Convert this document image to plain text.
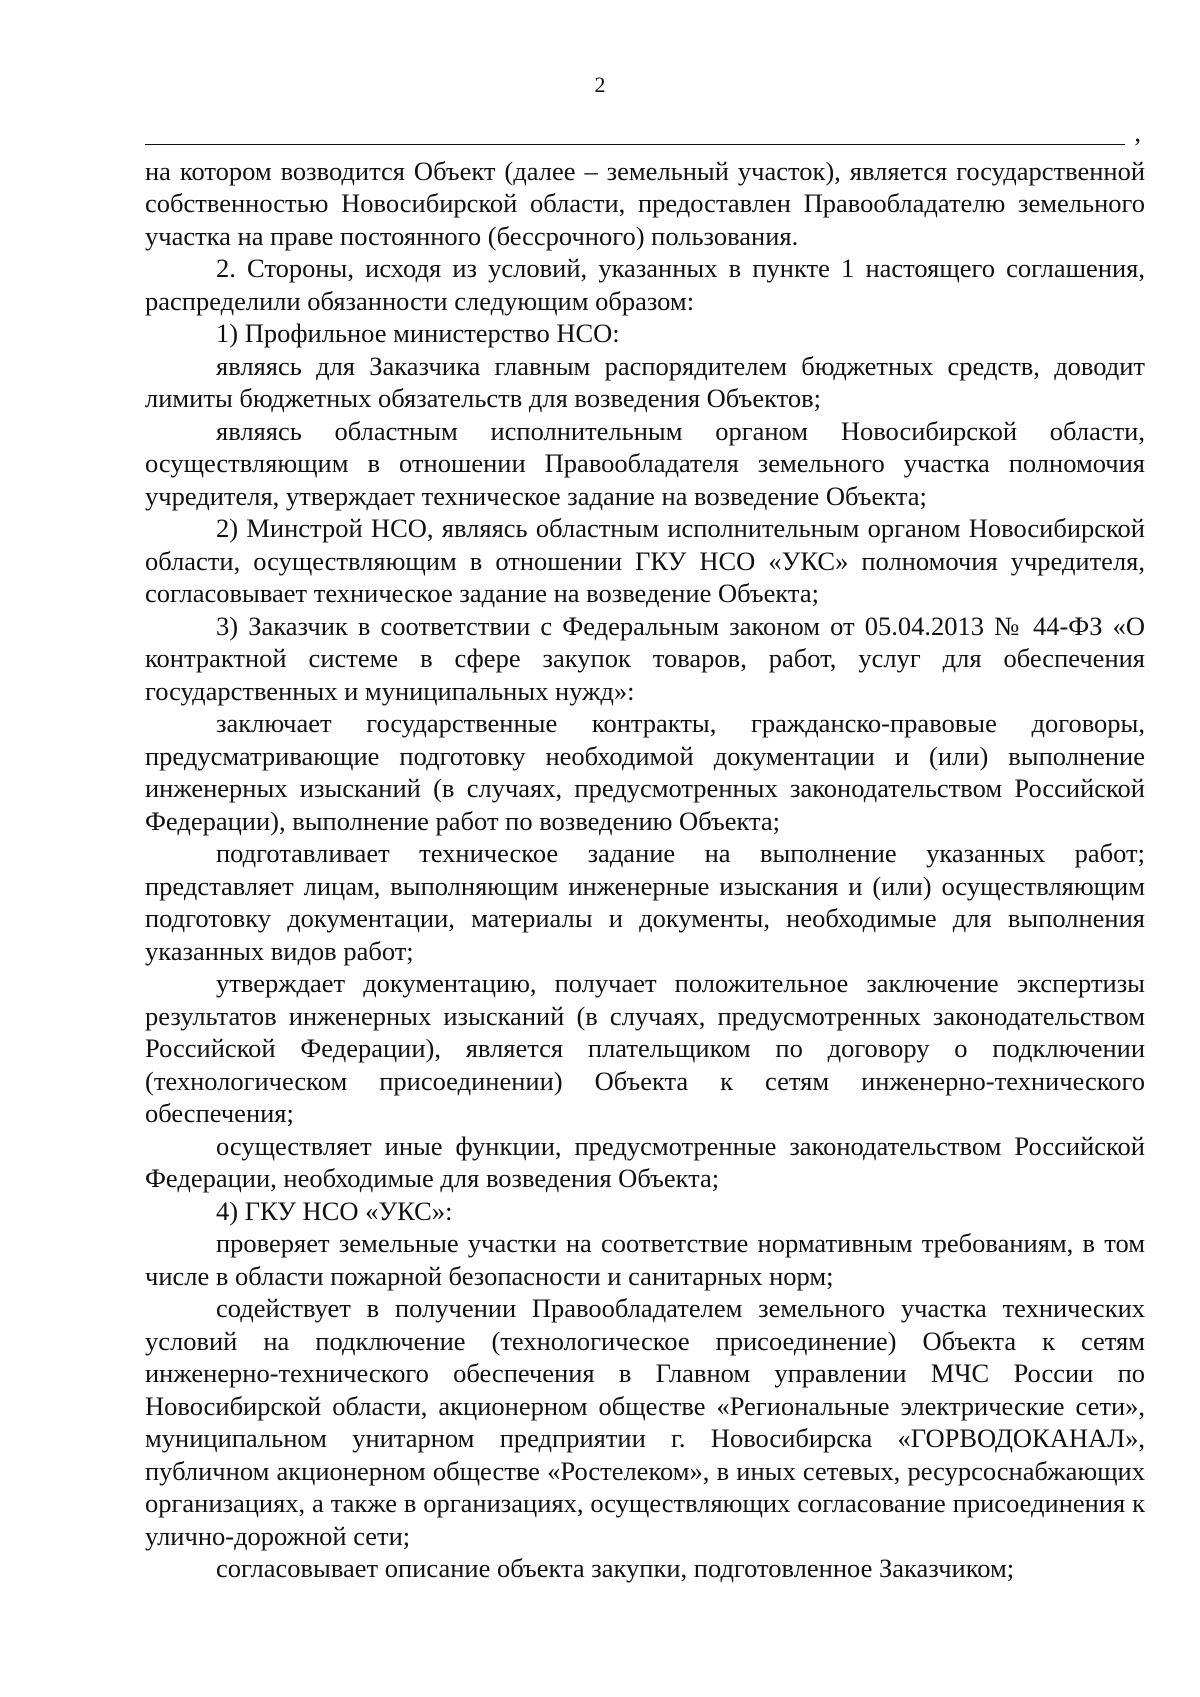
2
,

на котором возводится Объект (далее – земельный участок), является государственной собственностью Новосибирской области, предоставлен Правообладателю земельного участка на праве постоянного (бессрочного) пользования.

2. Стороны, исходя из условий, указанных в пункте 1 настоящего соглашения, распределили обязанности следующим образом:

1) Профильное министерство НСО:

являясь для Заказчика главным распорядителем бюджетных средств, доводит лимиты бюджетных обязательств для возведения Объектов;

являясь областным исполнительным органом Новосибирской области, осуществляющим в отношении Правообладателя земельного участка полномочия учредителя, утверждает техническое задание на возведение Объекта;

2) Минстрой НСО, являясь областным исполнительным органом Новосибирской области, осуществляющим в отношении ГКУ НСО «УКС» полномочия учредителя, согласовывает техническое задание на возведение Объекта;

3) Заказчик в соответствии с Федеральным законом от 05.04.2013 № 44-ФЗ «О контрактной системе в сфере закупок товаров, работ, услуг для обеспечения государственных и муниципальных нужд»:

заключает государственные контракты, гражданско-правовые договоры, предусматривающие подготовку необходимой документации и (или) выполнение инженерных изысканий (в случаях, предусмотренных законодательством Российской Федерации), выполнение работ по возведению Объекта;

подготавливает техническое задание на выполнение указанных работ; представляет лицам, выполняющим инженерные изыскания и (или) осуществляющим подготовку документации, материалы и документы, необходимые для выполнения указанных видов работ;

утверждает документацию, получает положительное заключение экспертизы результатов инженерных изысканий (в случаях, предусмотренных законодательством Российской Федерации), является плательщиком по договору о подключении (технологическом присоединении) Объекта к сетям инженерно-технического обеспечения;

осуществляет иные функции, предусмотренные законодательством Российской Федерации, необходимые для возведения Объекта;

4) ГКУ НСО «УКС»:

проверяет земельные участки на соответствие нормативным требованиям, в том числе в области пожарной безопасности и санитарных норм;

содействует в получении Правообладателем земельного участка технических условий на подключение (технологическое присоединение) Объекта к сетям инженерно-технического обеспечения в Главном управлении МЧС России по Новосибирской области, акционерном обществе «Региональные электрические сети», муниципальном унитарном предприятии г. Новосибирска «ГОРВОДОКАНАЛ», публичном акционерном обществе «Ростелеком», в иных сетевых, ресурсоснабжающих организациях, а также в организациях, осуществляющих согласование присоединения к улично-дорожной сети;

согласовывает описание объекта закупки, подготовленное Заказчиком;
